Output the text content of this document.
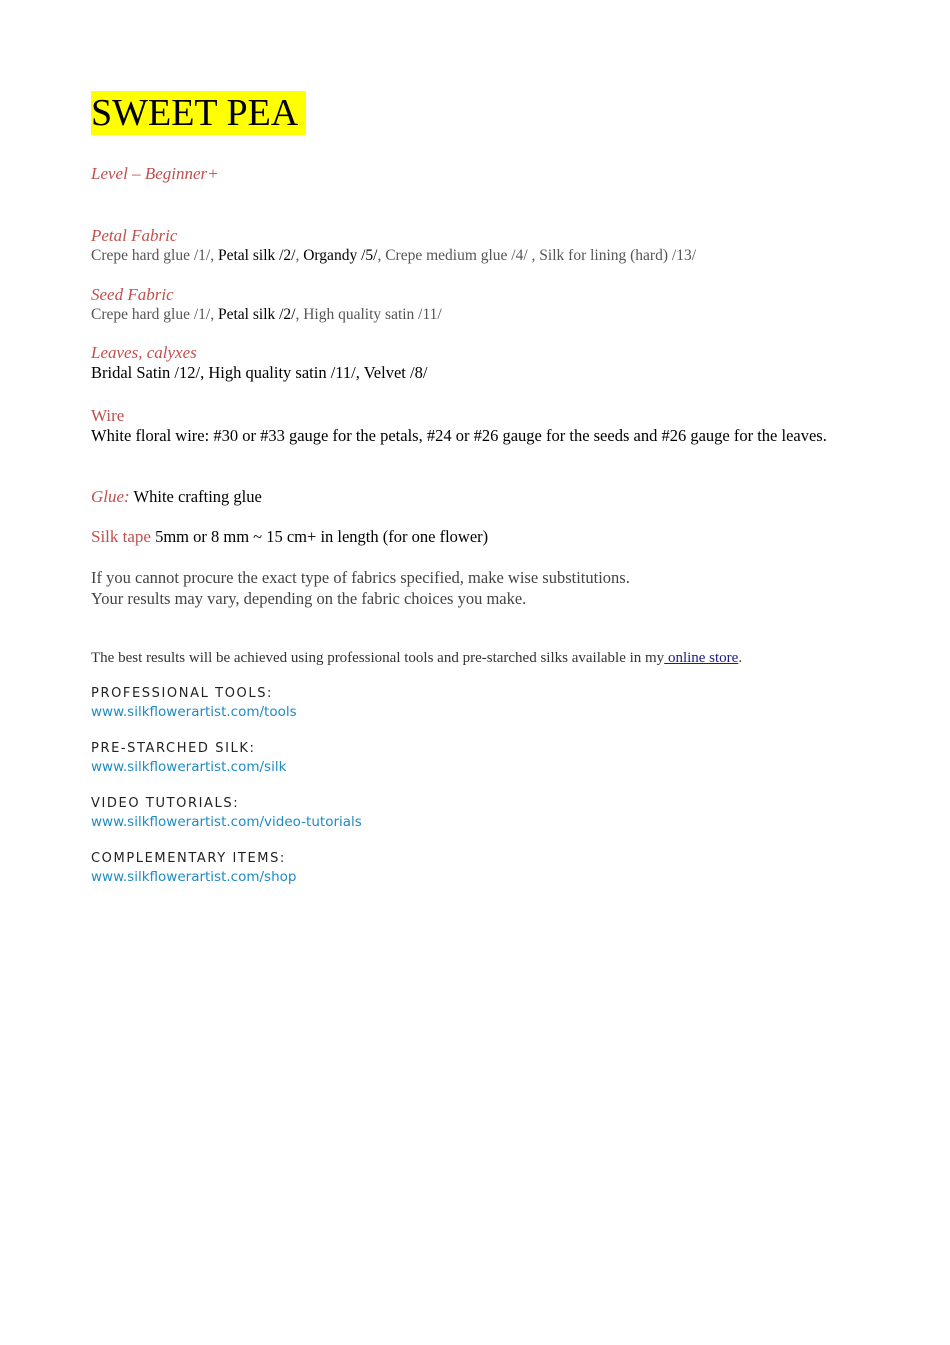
SWEET PEA

Level – Beginner+

Petal Fabric
Crepe hard glue /1/, Petal silk /2/, Organdy /5/, Crepe medium glue /4/ , Silk for lining (hard) /13/
Seed Fabric
Crepe hard glue /1/, Petal silk /2/, High quality satin /11/
Leaves, calyxes
Bridal Satin /12/, High quality satin /11/, Velvet /8/
Wire
White floral wire: #30 or #33 gauge for the petals, #24 or #26 gauge for the seeds and #26 gauge for the leaves.
Glue: White crafting glue
Silk tape 5mm or 8 mm ~ 15 cm+ in length (for one flower)
If you cannot procure the exact type of fabrics specified, make wise substitutions.
Your results may vary, depending on the fabric choices you make.
The best results will be achieved using professional tools and pre-starched silks available in my online store.
PROFESSIONAL TOOLS:
www.silkflowerartist.com/tools
PRE-STARCHED SILK:
www.silkflowerartist.com/silk
VIDEO TUTORIALS:
www.silkflowerartist.com/video-tutorials
COMPLEMENTARY ITEMS:
www.silkflowerartist.com/shop
